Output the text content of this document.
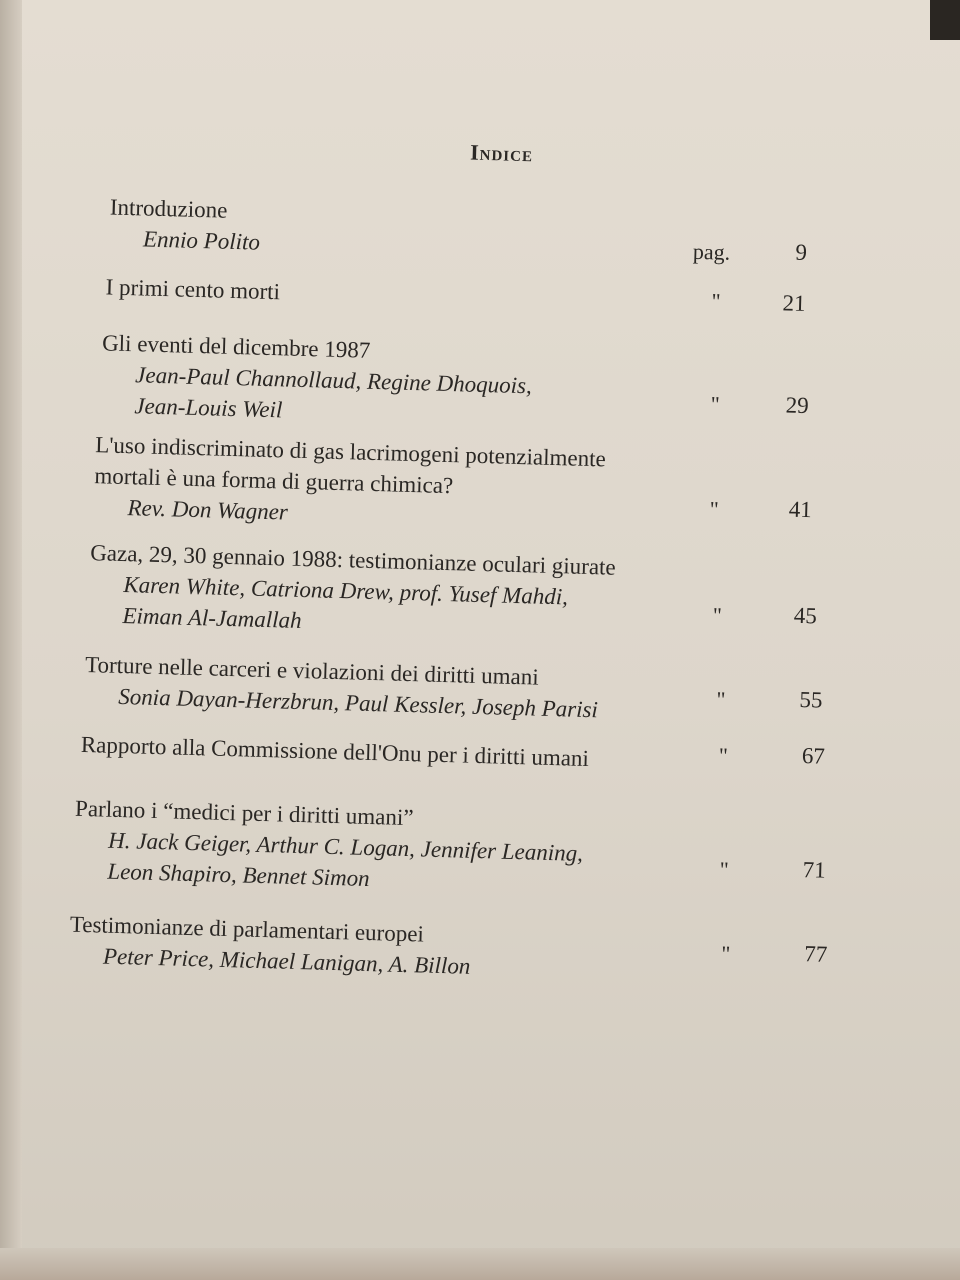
Indice
Introduzione
Ennio Polito	pag.	9
I primi cento morti	"	21
Gli eventi del dicembre 1987
Jean-Paul Channollaud, Regine Dhoquois,
Jean-Louis Weil	"	29
L'uso indiscriminato di gas lacrimogeni potenzialmente
mortali è una forma di guerra chimica?
Rev. Don Wagner	"	41
Gaza, 29, 30 gennaio 1988: testimonianze oculari giurate
Karen White, Catriona Drew, prof. Yusef Mahdi,
Eiman Al-Jamallah	"	45
Torture nelle carceri e violazioni dei diritti umani
Sonia Dayan-Herzbrun, Paul Kessler, Joseph Parisi	"	55
Rapporto alla Commissione dell'Onu per i diritti umani	"	67
Parlano i “medici per i diritti umani”
H. Jack Geiger, Arthur C. Logan, Jennifer Leaning,
Leon Shapiro, Bennet Simon	"	71
Testimonianze di parlamentari europei
Peter Price, Michael Lanigan, A. Billon	"	77
